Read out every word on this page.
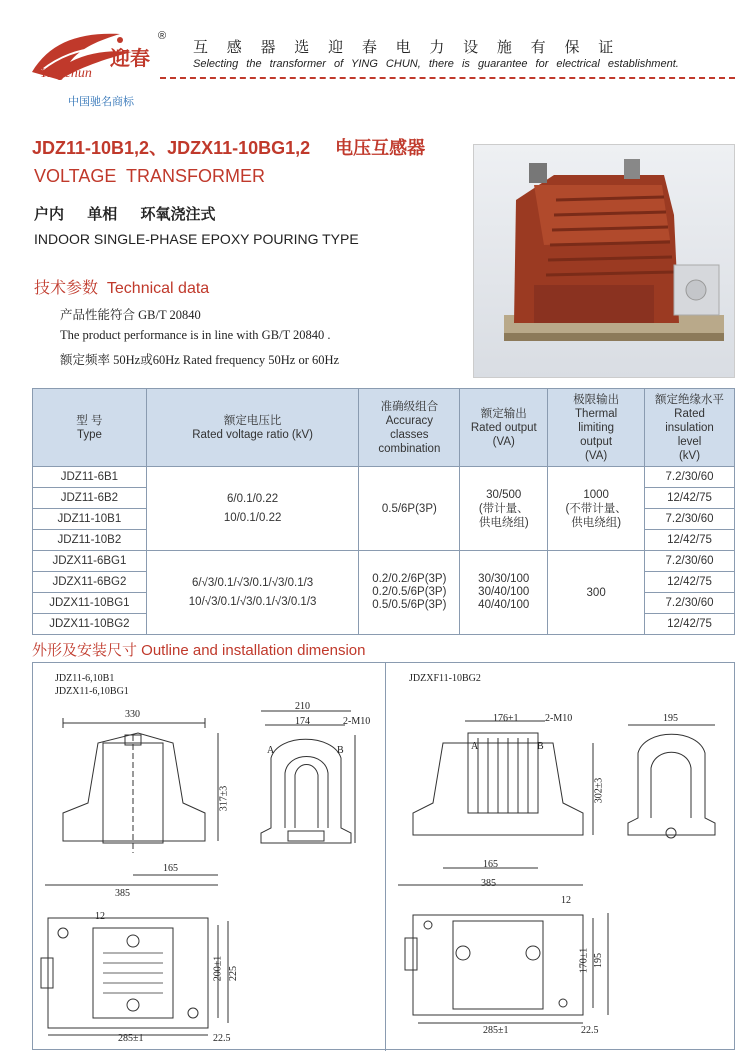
®
迎春
Yingchun
互 感 器 选 迎 春 电 力 设 施 有 保 证
Selecting the transformer of YING CHUN, there is guarantee for electrical establishment.
中国驰名商标
JDZ11-10B1,2、JDZX11-10BG1,2     电压互感器
VOLTAGE  TRANSFORMER
户内 单相 环氧浇注式
INDOOR SINGLE-PHASE EPOXY POURING TYPE
技术参数  Technical data
产品性能符合 GB/T 20840
The product performance is in line with GB/T 20840 .
额定频率 50Hz或60Hz Rated frequency 50Hz or 60Hz
型 号
Type	额定电压比
Rated voltage ratio (kV)	准确级组合
Accuracy
classes
combination	额定输出
Rated output
(VA)	极限输出
Thermal
limiting
output
(VA)	额定绝缘水平
Rated
insulation
level
(kV)
JDZ11-6B1	6/0.1/0.22
10/0.1/0.22	0.5/6P(3P)	30/500
(带计量、
供电绕组)	1000
(不带计量、
供电绕组)	7.2/30/60
JDZ11-6B2					12/42/75
JDZ11-10B1					7.2/30/60
JDZ11-10B2					12/42/75
JDZX11-6BG1	6/√3/0.1/√3/0.1/√3/0.1/3
10/√3/0.1/√3/0.1/√3/0.1/3	0.2/0.2/6P(3P)
0.2/0.5/6P(3P)
0.5/0.5/6P(3P)	30/30/100
30/40/100
40/40/100	300	7.2/30/60
JDZX11-6BG2					12/42/75
JDZX11-10BG1					7.2/30/60
JDZX11-10BG2					12/42/75
外形及安装尺寸 Outline and installation dimension
JDZ11-6,10B1
JDZX11-6,10BG1
JDZXF11-10BG2
330
210
174	2-M10
317±3
165
385
12
200±1 225
285±1	22.5
A	B
176±1	2-M10	195
302±3
165
385
12
170±1 195
285±1	22.5
A	B
